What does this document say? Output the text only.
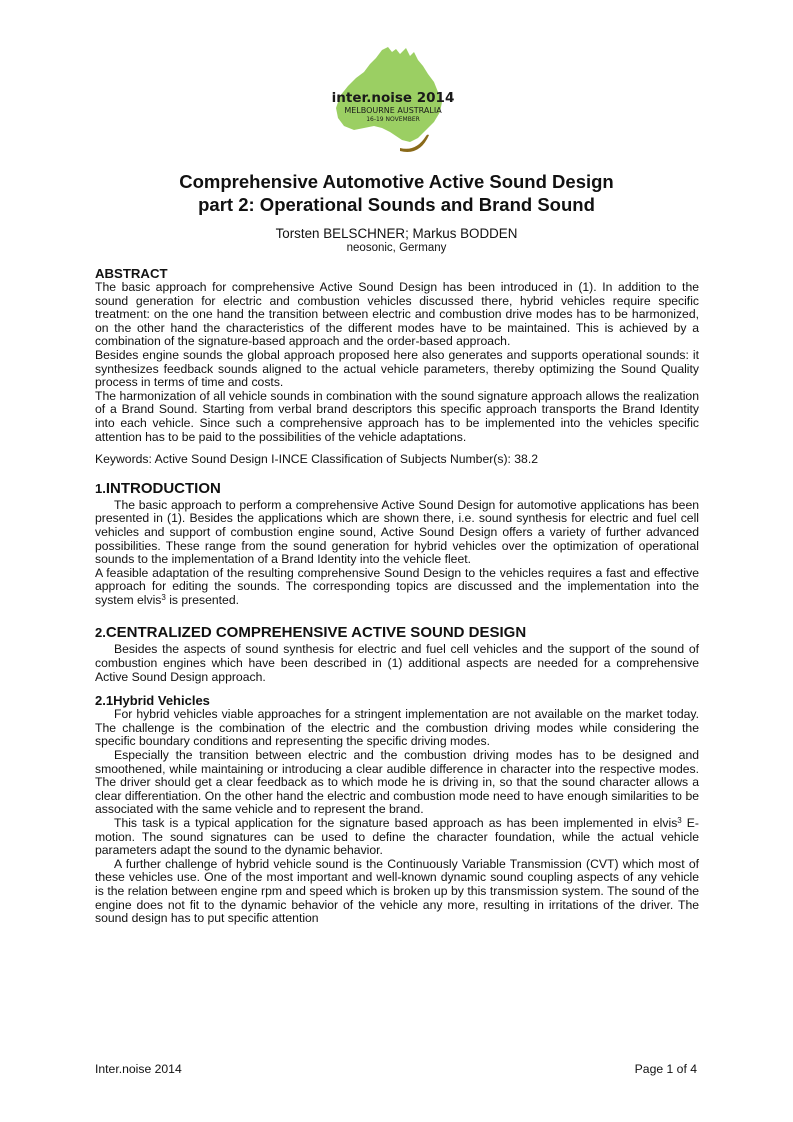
inter.noise 2014
MELBOURNE AUSTRALIA
16-19 NOVEMBER
Comprehensive Automotive Active Sound Design
part 2: Operational Sounds and Brand Sound
Torsten BELSCHNER; Markus BODDEN
neosonic, Germany
ABSTRACT

The basic approach for comprehensive Active Sound Design has been introduced in (1). In addition to the sound generation for electric and combustion vehicles discussed there, hybrid vehicles require specific treatment: on the one hand the transition between electric and combustion drive modes has to be harmonized, on the other hand the characteristics of the different modes have to be maintained. This is achieved by a combination of the signature-based approach and the order-based approach.

Besides engine sounds the global approach proposed here also generates and supports operational sounds: it synthesizes feedback sounds aligned to the actual vehicle parameters, thereby optimizing the Sound Quality process in terms of time and costs.

The harmonization of all vehicle sounds in combination with the sound signature approach allows the realization of a Brand Sound. Starting from verbal brand descriptors this specific approach transports the Brand Identity into each vehicle. Since such a comprehensive approach has to be implemented into the vehicles specific attention has to be paid to the possibilities of the vehicle adaptations.

Keywords: Active Sound Design I-INCE Classification of Subjects Number(s): 38.2

1.INTRODUCTION

The basic approach to perform a comprehensive Active Sound Design for automotive applications has been presented in (1). Besides the applications which are shown there, i.e. sound synthesis for electric and fuel cell vehicles and support of combustion engine sound, Active Sound Design offers a variety of further advanced possibilities. These range from the sound generation for hybrid vehicles over the optimization of operational sounds to the implementation of a Brand Identity into the vehicle fleet.

A feasible adaptation of the resulting comprehensive Sound Design to the vehicles requires a fast and effective approach for editing the sounds. The corresponding topics are discussed and the implementation into the system elvis$^3$ is presented.

2.CENTRALIZED COMPREHENSIVE ACTIVE SOUND DESIGN

Besides the aspects of sound synthesis for electric and fuel cell vehicles and the support of the sound of combustion engines which have been described in (1) additional aspects are needed for a comprehensive Active Sound Design approach.

2.1Hybrid Vehicles

For hybrid vehicles viable approaches for a stringent implementation are not available on the market today. The challenge is the combination of the electric and the combustion driving modes while considering the specific boundary conditions and representing the specific driving modes.

Especially the transition between electric and the combustion driving modes has to be designed and smoothened, while maintaining or introducing a clear audible difference in character into the respective modes. The driver should get a clear feedback as to which mode he is driving in, so that the sound character allows a clear differentiation. On the other hand the electric and combustion mode need to have enough similarities to be associated with the same vehicle and to represent the brand.

This task is a typical application for the signature based approach as has been implemented in elvis$^3$ E-motion. The sound signatures can be used to define the character foundation, while the actual vehicle parameters adapt the sound to the dynamic behavior.

A further challenge of hybrid vehicle sound is the Continuously Variable Transmission (CVT) which most of these vehicles use. One of the most important and well-known dynamic sound coupling aspects of any vehicle is the relation between engine rpm and speed which is broken up by this transmission system. The sound of the engine does not fit to the dynamic behavior of the vehicle any more, resulting in irritations of the driver. The sound design has to put specific attention

Inter.noise 2014	Page 1 of 4
